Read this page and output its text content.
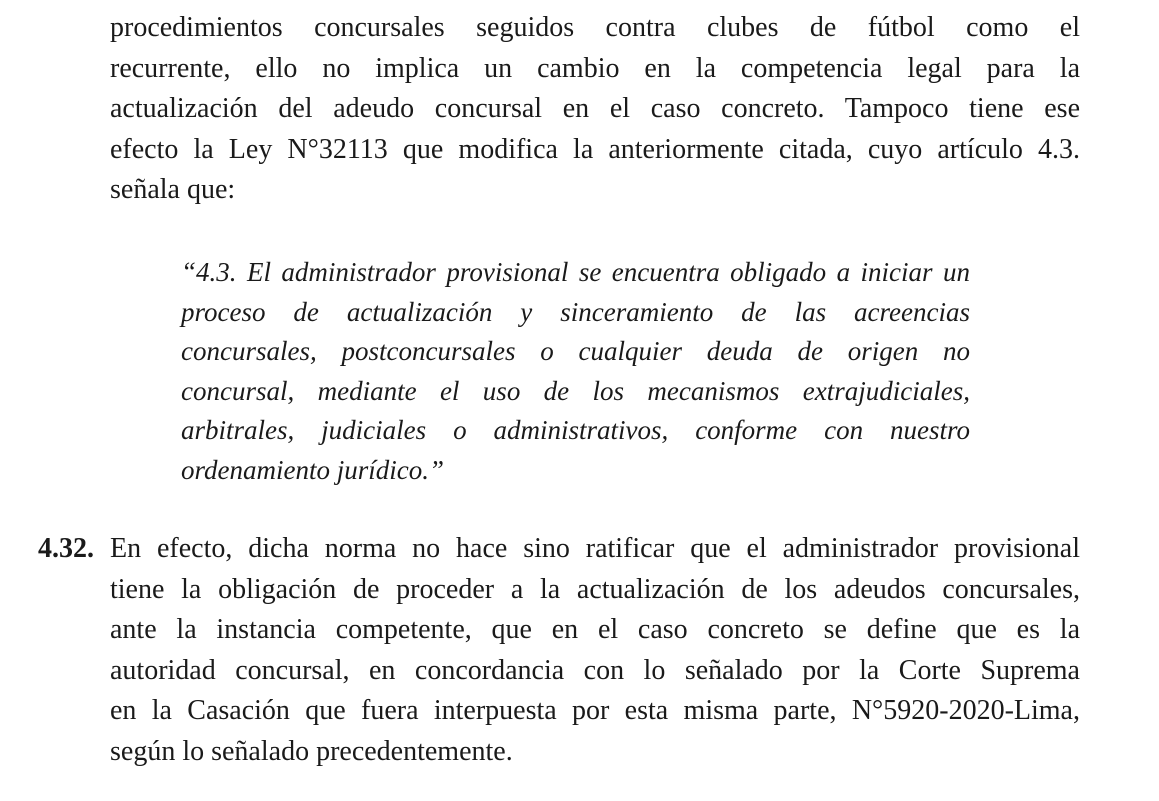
procedimientos concursales seguidos contra clubes de fútbol como el
recurrente, ello no implica un cambio en la competencia legal para la
actualización del adeudo concursal en el caso concreto. Tampoco tiene ese
efecto la Ley N°32113 que modifica la anteriormente citada, cuyo artículo 4.3.
señala que:
“4.3. El administrador provisional se encuentra obligado a iniciar un
proceso de actualización y sinceramiento de las acreencias
concursales, postconcursales o cualquier deuda de origen no
concursal, mediante el uso de los mecanismos extrajudiciales,
arbitrales, judiciales o administrativos, conforme con nuestro
ordenamiento jurídico.”
4.32. En efecto, dicha norma no hace sino ratificar que el administrador provisional
tiene la obligación de proceder a la actualización de los adeudos concursales,
ante la instancia competente, que en el caso concreto se define que es la
autoridad concursal, en concordancia con lo señalado por la Corte Suprema
en la Casación que fuera interpuesta por esta misma parte, N°5920-2020-Lima,
según lo señalado precedentemente.
